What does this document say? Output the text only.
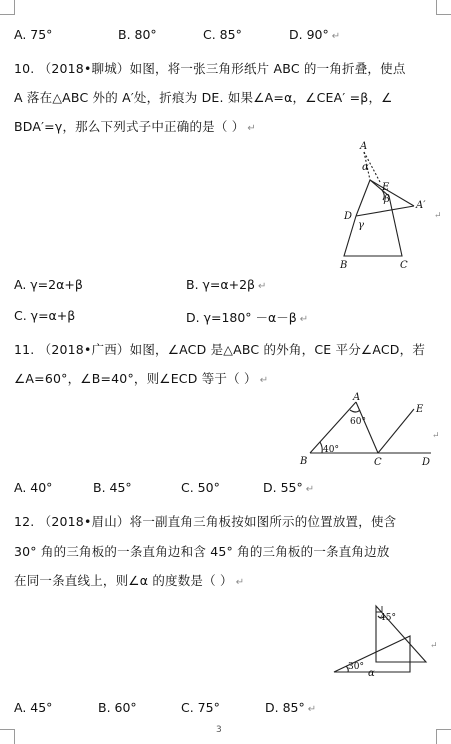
A. 75°	B. 80°	C. 85°	D. 90° ↵
10. （2018•聊城）如图，将一张三角形纸片 ABC 的一角折叠，使点
A 落在△ABC 外的 A′处，折痕为 DE. 如果∠A=α，∠CEA′ =β，∠
BDA′=γ，那么下列式子中正确的是（ ） ↵
A
α
E
β
A′
D
γ
B	C
↵
A. γ=2α+β	B. γ=α+2β ↵
C. γ=α+β	D. γ=180° －α－β ↵
11. （2018•广西）如图，∠ACD 是△ABC 的外角，CE 平分∠ACD，若
∠A=60°，∠B=40°，则∠ECD 等于（ ） ↵
A
60°
E
B
40°
C	D
↵
A. 40°	B. 45°	C. 50°	D. 55° ↵
12. （2018•眉山）将一副直角三角板按如图所示的位置放置，使含
30° 角的三角板的一条直角边和含 45° 角的三角板的一条直角边放
在同一条直线上，则∠α 的度数是（ ） ↵
45°
30°
α
↵
A. 45°	B. 60°	C. 75°	D. 85° ↵
3
